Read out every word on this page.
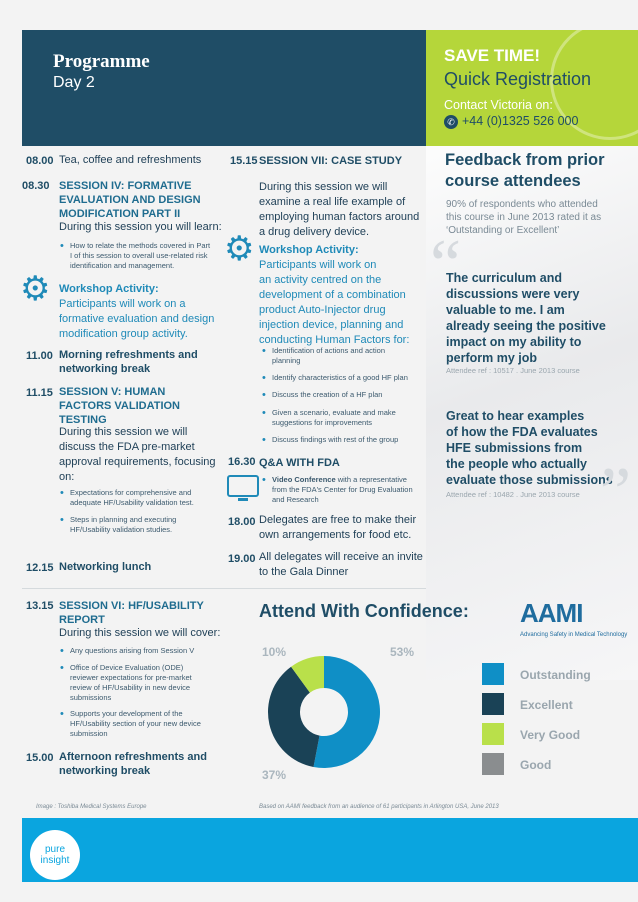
Programme
Day 2
SAVE TIME!
Quick Registration
Contact Victoria on:
✆ +44 (0)1325 526 000
08.00 Tea, coffee and refreshments
08.30 SESSION IV: FORMATIVE
EVALUATION AND DESIGN
MODIFICATION PART II
During this session you will learn:
• How to relate the methods covered in Part
I of this session to overall use-related risk
identification and management.
⚙ Workshop Activity:
Participants will work on a
formative evaluation and design
modification group activity.
11.00 Morning refreshments and
networking break
11.15 SESSION V: HUMAN
FACTORS VALIDATION
TESTING
During this session we will
discuss the FDA pre-market
approval requirements, focusing
on:
• Expectations for comprehensive and
adequate HF/Usability validation test.
• Steps in planning and executing
HF/Usability validation studies.
12.15 Networking lunch
13.15 SESSION VI: HF/USABILITY
REPORT
During this session we will cover:
• Any questions arising from Session V
• Office of Device Evaluation (ODE)
reviewer expectations for pre-market
review of HF/Usability in new device
submissions
• Supports your development of the
HF/Usability section of your new device
submission
15.00 Afternoon refreshments and
networking break
Image : Toshiba Medical Systems Europe
15.15 SESSION VII: CASE STUDY
During this session we will
examine a real life example of
employing human factors around
a drug delivery device.
⚙ Workshop Activity:
Participants will work on
an activity centred on the
development of a combination
product Auto-Injector drug
injection device, planning and
conducting Human Factors for:
• Identification of actions and action
planning
• Identify characteristics of a good HF plan
• Discuss the creation of a HF plan
• Given a scenario, evaluate and make
suggestions for improvements
• Discuss findings with rest of the group
16.30 Q&A WITH FDA
• Video Conference with a representative
from the FDA's Center for Drug Evaluation
and Research
18.00 Delegates are free to make their
own arrangements for food etc.
19.00 All delegates will receive an invite
to the Gala Dinner
Feedback from prior
course attendees
90% of respondents who attended
this course in June 2013 rated it as
‘Outstanding or Excellent’
“
The curriculum and
discussions were very
valuable to me. I am
already seeing the positive
impact on my ability to
perform my job
Attendee ref : 10517 . June 2013 course
Great to hear examples
of how the FDA evaluates
HFE submissions from
the people who actually
evaluate those submissions
Attendee ref : 10482 . June 2013 course ”
Attend With Confidence: AAMI
Advancing Safety in Medical Technology
Outstanding
Excellent
Very Good
Good
Based on AAMI feedback from an audience of 61 participants in Arlington USA, June 2013
pure
insight
53%
37%
10%
